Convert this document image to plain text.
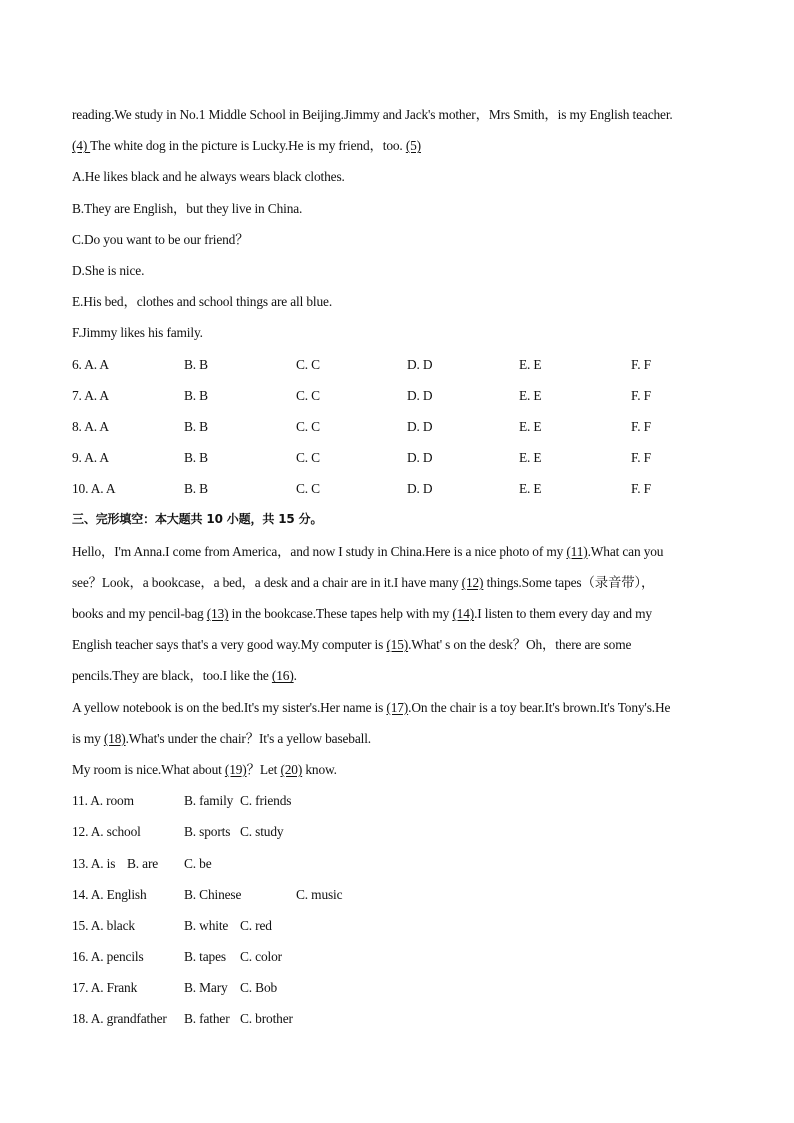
reading.We study in No.1 Middle School in Beijing.Jimmy and Jack's mother，Mrs Smith，is my English teacher.
(4) The white dog in the picture is Lucky.He is my friend，too. (5)
A.He likes black and he always wears black clothes.
B.They are English，but they live in China.
C.Do you want to be our friend？
D.She is nice.
E.His bed，clothes and school things are all blue.
F.Jimmy likes his family.
6. A. A	B. B	C. C	D. D	E. E	F. F
7. A. A	B. B	C. C	D. D	E. E	F. F
8. A. A	B. B	C. C	D. D	E. E	F. F
9. A. A	B. B	C. C	D. D	E. E	F. F
10. A. A	B. B	C. C	D. D	E. E	F. F
三、完形填空：本大题共 10 小题，共 15 分。
Hello，I'm Anna.I come from America，and now I study in China.Here is a nice photo of my (11).What can you
see？Look，a bookcase，a bed，a desk and a chair are in it.I have many (12) things.Some tapes（录音带），
books and my pencil-bag (13) in the bookcase.These tapes help with my (14).I listen to them every day and my
English teacher says that's a very good way.My computer is (15).What' s on the desk？Oh，there are some
pencils.They are black，too.I like the (16).
A yellow notebook is on the bed.It's my sister's.Her name is (17).On the chair is a toy bear.It's brown.It's Tony's.He
is my (18).What's under the chair？It's a yellow baseball.
My room is nice.What about (19)？Let (20) know.
11. A. room	B. family C. friends
12. A. school	B. sports C. study
13. A. is B. are C. be
14. A. English	B. Chinese	C. music
15. A. black	B. white C. red
16. A. pencils	B. tapes C. color
17. A. Frank	B. Mary C. Bob
18. A. grandfather B. father C. brother
